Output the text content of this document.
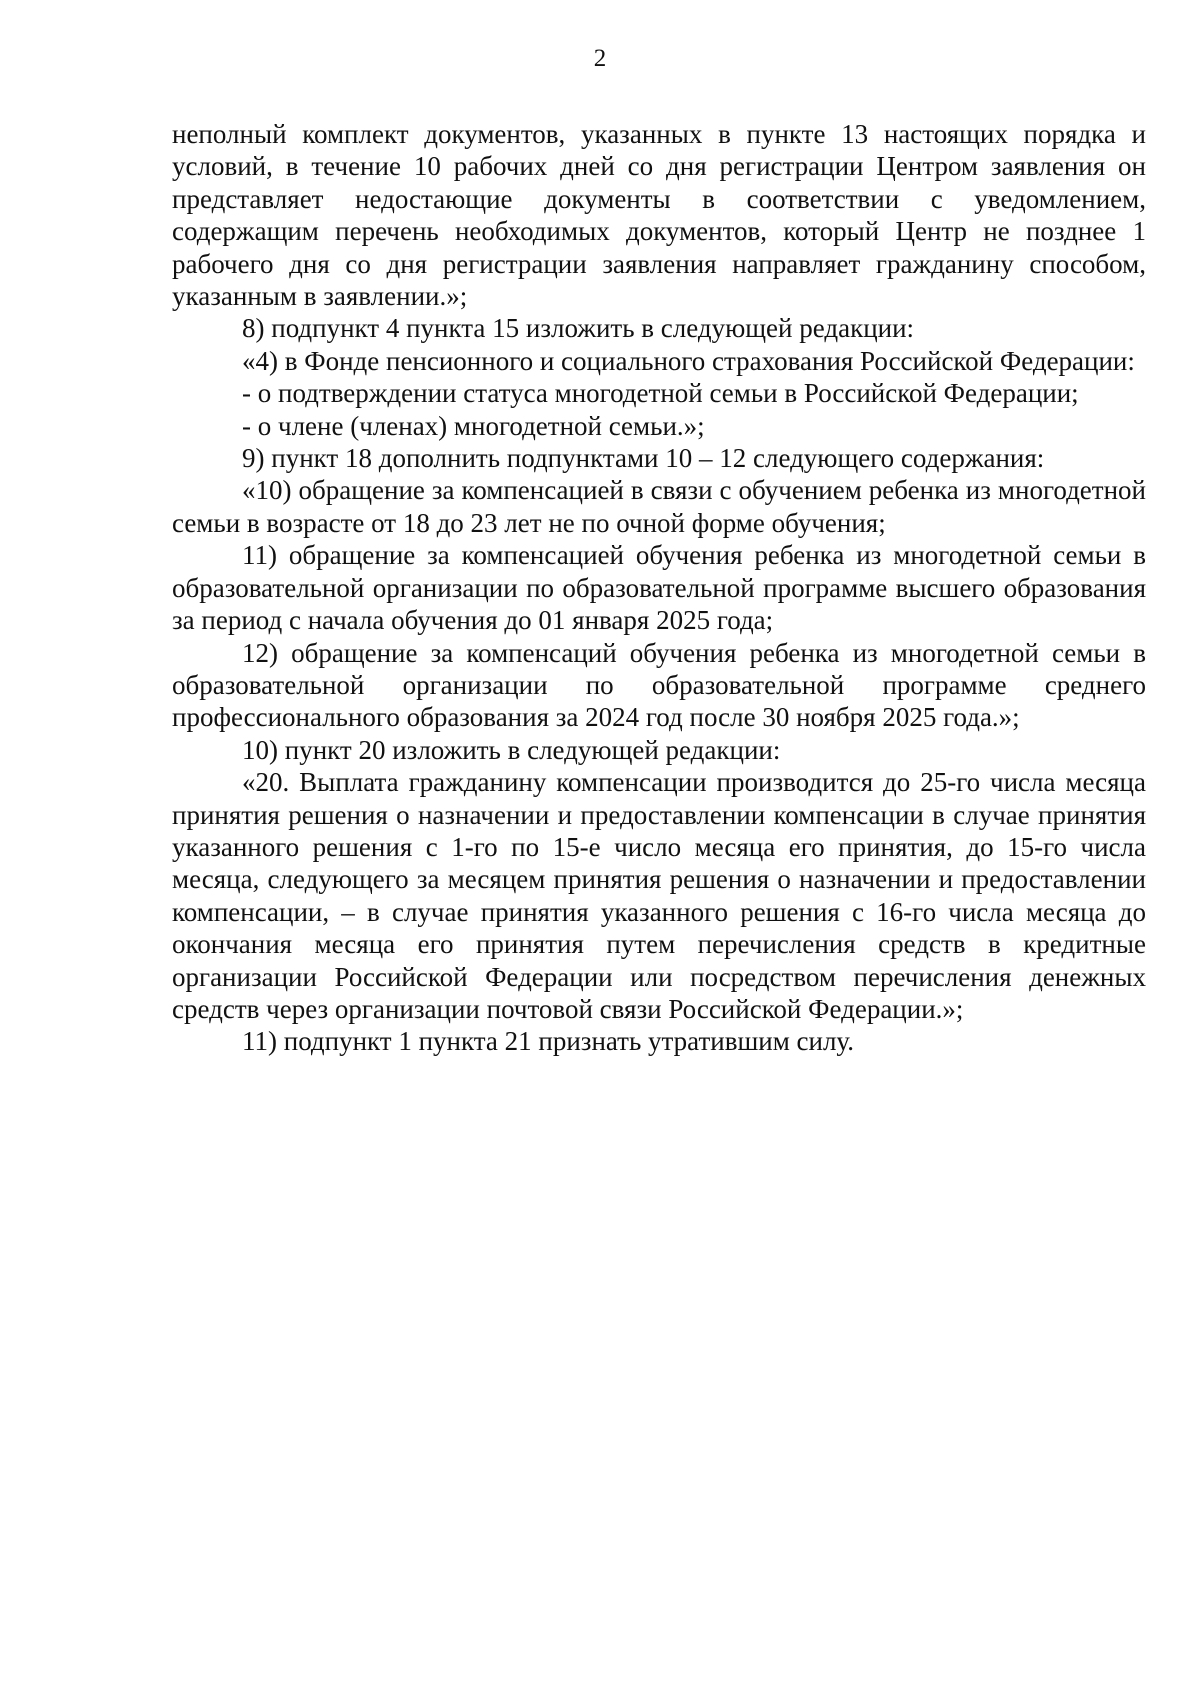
2

неполный комплект документов, указанных в пункте 13 настоящих порядка и условий, в течение 10 рабочих дней со дня регистрации Центром заявления он представляет недостающие документы в соответствии с уведомлением, содержащим перечень необходимых документов, который Центр не позднее 1 рабочего дня со дня регистрации заявления направляет гражданину способом, указанным в заявлении.»;

8) подпункт 4 пункта 15 изложить в следующей редакции:

«4) в Фонде пенсионного и социального страхования Российской Федерации:

- о подтверждении статуса многодетной семьи в Российской Федерации;

- о члене (членах) многодетной семьи.»;

9) пункт 18 дополнить подпунктами 10 – 12 следующего содержания:

«10) обращение за компенсацией в связи с обучением ребенка из многодетной семьи в возрасте от 18 до 23 лет не по очной форме обучения;

11) обращение за компенсацией обучения ребенка из многодетной семьи в образовательной организации по образовательной программе высшего образования за период с начала обучения до 01 января 2025 года;

12) обращение за компенсаций обучения ребенка из многодетной семьи в образовательной организации по образовательной программе среднего профессионального образования за 2024 год после 30 ноября 2025 года.»;

10) пункт 20 изложить в следующей редакции:

«20. Выплата гражданину компенсации производится до 25-го числа месяца принятия решения о назначении и предоставлении компенсации в случае принятия указанного решения с 1-го по 15-е число месяца его принятия, до 15-го числа месяца, следующего за месяцем принятия решения о назначении и предоставлении компенсации, – в случае принятия указанного решения с 16-го числа месяца до окончания месяца его принятия путем перечисления средств в кредитные организации Российской Федерации или посредством перечисления денежных средств через организации почтовой связи Российской Федерации.»;

11) подпункт 1 пункта 21 признать утратившим силу.
